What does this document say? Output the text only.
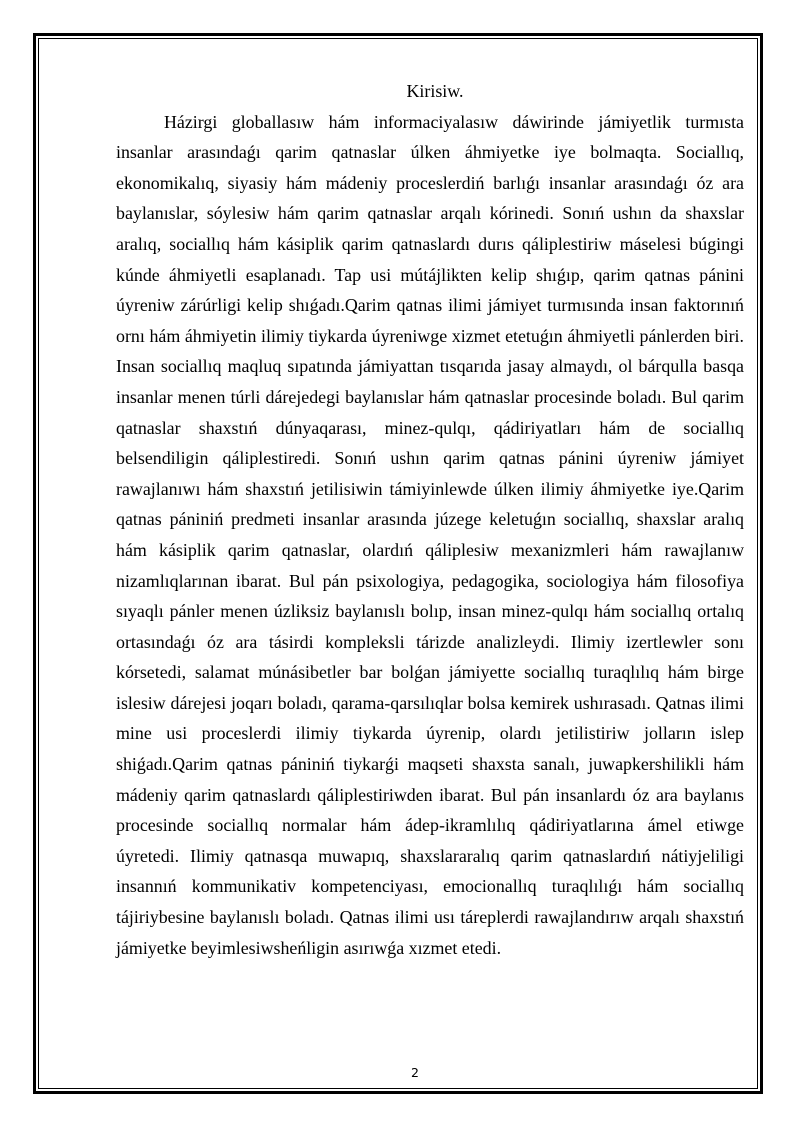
Kirisiw.

Házirgi globallasıw hám informaciyalasıw dáwirinde jámiyetlik turmısta insanlar arasındaǵı qarim qatnaslar úlken áhmiyetke iye bolmaqta. Sociallıq, ekonomikalıq, siyasiy hám mádeniy proceslerdiń barlıǵı insanlar arasındaǵı óz ara baylanıslar, sóylesiw hám qarim qatnaslar arqalı kórinedi. Sonıń ushın da shaxslar aralıq, sociallıq hám kásiplik qarim qatnaslardı durıs qáliplestiriw máselesi búgingi kúnde áhmiyetli esaplanadı. Tap usi mútájlikten kelip shıǵıp, qarim qatnas pánini úyreniw zárúrligi kelip shıǵadı.Qarim qatnas ilimi jámiyet turmısında insan faktorınıń ornı hám áhmiyetin ilimiy tiykarda úyreniwge xizmet etetuǵın áhmiyetli pánlerden biri. Insan sociallıq maqluq sıpatında jámiyattan tısqarıda jasay almaydı, ol bárqulla basqa insanlar menen túrli dárejedegi baylanıslar hám qatnaslar procesinde boladı. Bul qarim qatnaslar shaxstıń dúnyaqarası, minez-qulqı, qádiriyatları hám de sociallıq belsendiligin qáliplestiredi. Sonıń ushın qarim qatnas pánini úyreniw jámiyet rawajlanıwı hám shaxstıń jetilisiwin támiyinlewde úlken ilimiy áhmiyetke iye.Qarim qatnas pániniń predmeti insanlar arasında júzege keletuǵın sociallıq, shaxslar aralıq hám kásiplik qarim qatnaslar, olardıń qáliplesiw mexanizmleri hám rawajlanıw nizamlıqlarınan ibarat. Bul pán psixologiya, pedagogika, sociologiya hám filosofiya sıyaqlı pánler menen úzliksiz baylanıslı bolıp, insan minez-qulqı hám sociallıq ortalıq ortasındaǵı óz ara tásirdi kompleksli tárizde analizleydi. Ilimiy izertlewler sonı kórsetedi, salamat múnásibetler bar bolǵan jámiyette sociallıq turaqlılıq hám birge islesiw dárejesi joqarı boladı, qarama-qarsılıqlar bolsa kemirek ushırasadı. Qatnas ilimi mine usi proceslerdi ilimiy tiykarda úyrenip, olardı jetilistiriw jolların islep shiǵadı.Qarim qatnas pániniń tiykarǵi maqseti shaxsta sanalı, juwapkershilikli hám mádeniy qarim qatnaslardı qáliplestiriwden ibarat. Bul pán insanlardı óz ara baylanıs procesinde sociallıq normalar hám ádep-ikramlılıq qádiriyatlarına ámel etiwge úyretedi. Ilimiy qatnasqa muwapıq, shaxslararalıq qarim qatnaslardıń nátiyjeliligi insannıń kommunikativ kompetenciyası, emocionallıq turaqlılıǵı hám sociallıq tájiriybesine baylanıslı boladı. Qatnas ilimi usı táreplerdi rawajlandırıw arqalı shaxstıń jámiyetke beyimlesiwsheńligin asırıwǵa xızmet etedi.

2
